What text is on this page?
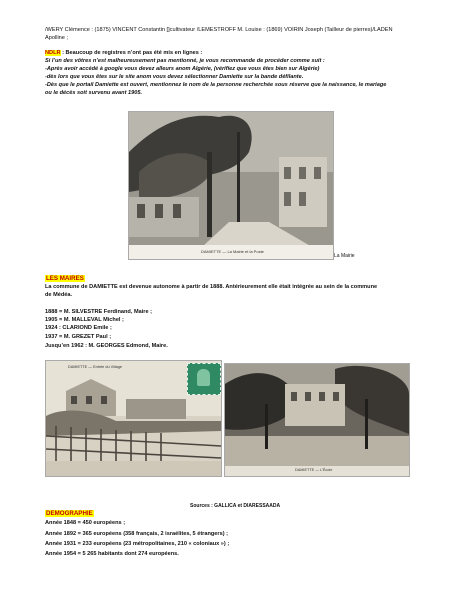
/WERY Clémence : (1875) VINCENT Constantin []cultivateur /LEMESTROFF M. Louise : (1869) VOIRIN Joseph (Tailleur de pierres)/LADEN
Apolline ;
NDLR : Beaucoup de registres n’ont pas été mis en lignes :
Si l’un des vôtres n’est malheureusement pas mentionné, je vous recommande de procéder comme suit :
-Après avoir accédé à google vous devez alleurs anom Algérie, (vérifiez que vous êtes bien sur Algérie)
-dès lors que vous êtes sur le site anom vous devez sélectionner Damiette sur la bande défilante.
-Dès que le portail Damiette est ouvert, mentionnez le nom de la personne recherchée sous réserve que la naissance, le mariage
ou le décès soit survenu avant 1905.
DAMIETTE — La Mairie et la Poste
La Mairie
LES MAIRES
La commune de DAMIETTE est devenue autonome à partir de 1888. Antérieurement elle était intégrée au sein de la commune
de Médéa.
1888 = M. SILVESTRE Ferdinand, Maire ;
1905 = M. MALLEVAL Michel ;
1924 : CLARIOND Emile ;
1937 = M. GREZET Paul ;
Jusqu’en 1962 : M. GEORGES Edmond, Maire.
DAMIETTE — Entrée du Village
DAMIETTE — L’École
DEMOGRAPHIE
Sources : GALLICA et DIARESSAADA
Année 1848 = 450 européens ;
Année 1892 = 365 européens (358 français, 2 israélites, 5 étrangers) ;
Année 1931 = 233 européens (23 métropolitaines, 210 « coloniaux ») ;
Année 1954 = 5 265 habitants dont 274 européens.
